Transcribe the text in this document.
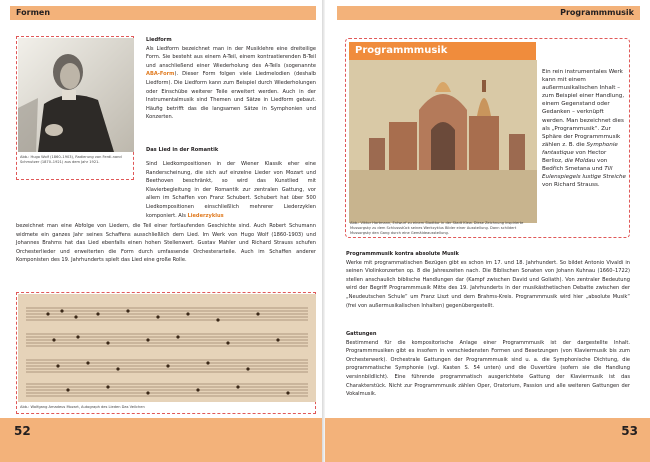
Formen
Abb.: Hugo Wolf (1860–1903), Radierung von Ferdi-nand Schmutzer (1870–1921) aus dem Jahr 1921.
Liedform
Als Liedform bezeichnet man in der Musiklehre eine dreiteilige Form. Sie besteht aus einem A-Teil, einem kontrastierenden B-Teil und anschließend einer Wiederholung des A-Teils (sogenannte ABA-Form). Dieser Form folgen viele Liedmelodien (deshalb Liedform). Die Liedform kann zum Beispiel durch Wiederholungen oder Einschübe weiterer Teile erweitert werden. Auch in der Instrumentalmusik sind Themen und Sätze in Liedform gebaut. Häufig betrifft das die langsamen Sätze in Symphonien und Konzerten.
Das Lied in der Romantik
Sind Liedkompositionen in der Wiener Klassik eher eine Randerscheinung, die sich auf einzelne Lieder von Mozart und Beethoven beschränkt, so wird das Kunstlied mit Klavierbegleitung in der Romantik zur zentralen Gattung, vor allem im Schaffen von Franz Schubert. Schubert hat über 500 Liedkompositionen einschließlich mehrerer Liederzyklen komponiert. Als Liederzyklus
bezeichnet man eine Abfolge von Liedern, die Teil einer fortlaufenden Geschichte sind. Auch Robert Schumann widmete ein ganzes Jahr seines Schaffens ausschließlich dem Lied. Im Werk von Hugo Wolf (1860-1903) und Johannes Brahms hat das Lied ebenfalls einen hohen Stellenwert. Gustav Mahler und Richard Strauss schufen Orchesterlieder und erweiterten die Form durch umfassende Orchesterarteile. Auch im Schaffen anderer Komponisten des 19. Jahrhunderts spielt das Lied eine große Rolle.
Abb.: Wolfgang Amadeus Mozart, Autograph des Lieden Das Veilchen
52
Programmmusik
53
Programmmusik
Abb.: Viktor Hartmann, Entwurf zu einem Stadttor in der Stadt Kiew. Diese Zeichnung inspirierte Mussorgsky zu dem Schlussstück seines Werkzyklus Bilder einer Ausstellung. Dann schildert Mussorgsky den Gang durch eine Gemäldeausstellung.
Ein rein instrumentales Werk kann mit einem außermusikalischen Inhalt – zum Beispiel einer Handlung, einem Gegenstand oder Gedanken – verknüpft werden. Man bezeichnet dies als „Programmusik“. Zur Sphäre der Programmmusik zählen z. B. die Symphonie fantastique von Hector Berlioz, die Moldau von Bedřich Smetana und Till Eulenspiegels lustige Streiche von Richard Strauss.
Programmmusik kontra absolute Musik
Werke mit programmatischen Bezügen gibt es schon im 17. und 18. Jahrhundert. So bildet Antonio Vivaldi in seinen Violinkonzerten op. 8 die Jahreszeiten nach. Die Biblischen Sonaten von Johann Kuhnau (1660–1722) stellen anschaulich biblische Handlungen dar (Kampf zwischen David und Goliath). Von zentraler Bedeutung wird der Begriff Programmmusik Mitte des 19. Jahrhunderts in der musikästhetischen Debatte zwischen der „Neudeutschen Schule“ um Franz Liszt und dem Brahms-Kreis. Programmmusik wird hier „absolute Musik“ (frei von außermusikalischen Inhalten) gegenübergestellt.
Gattungen
Bestimmend für die kompositorische Anlage einer Programmmusik ist der dargestellte Inhalt. Programmmusiken gibt es insofern in verschiedensten Formen und Besetzungen (von Klaviermusik bis zum Orchesterwerk). Orchestrale Gattungen der Programmmusik sind u. a. die Symphonische Dichtung, die programmatische Symphonie (vgl. Kasten S. 54 unten) und die Ouvertüre (sofern sie die Handlung versinnbildlicht). Eine führende programmatisch ausgerichtete Gattung der Klaviermusik ist das Charakterstück. Nicht zur Programmmusik zählen Oper, Oratorium, Passion und alle weiteren Gattungen der Vokalmusik.
